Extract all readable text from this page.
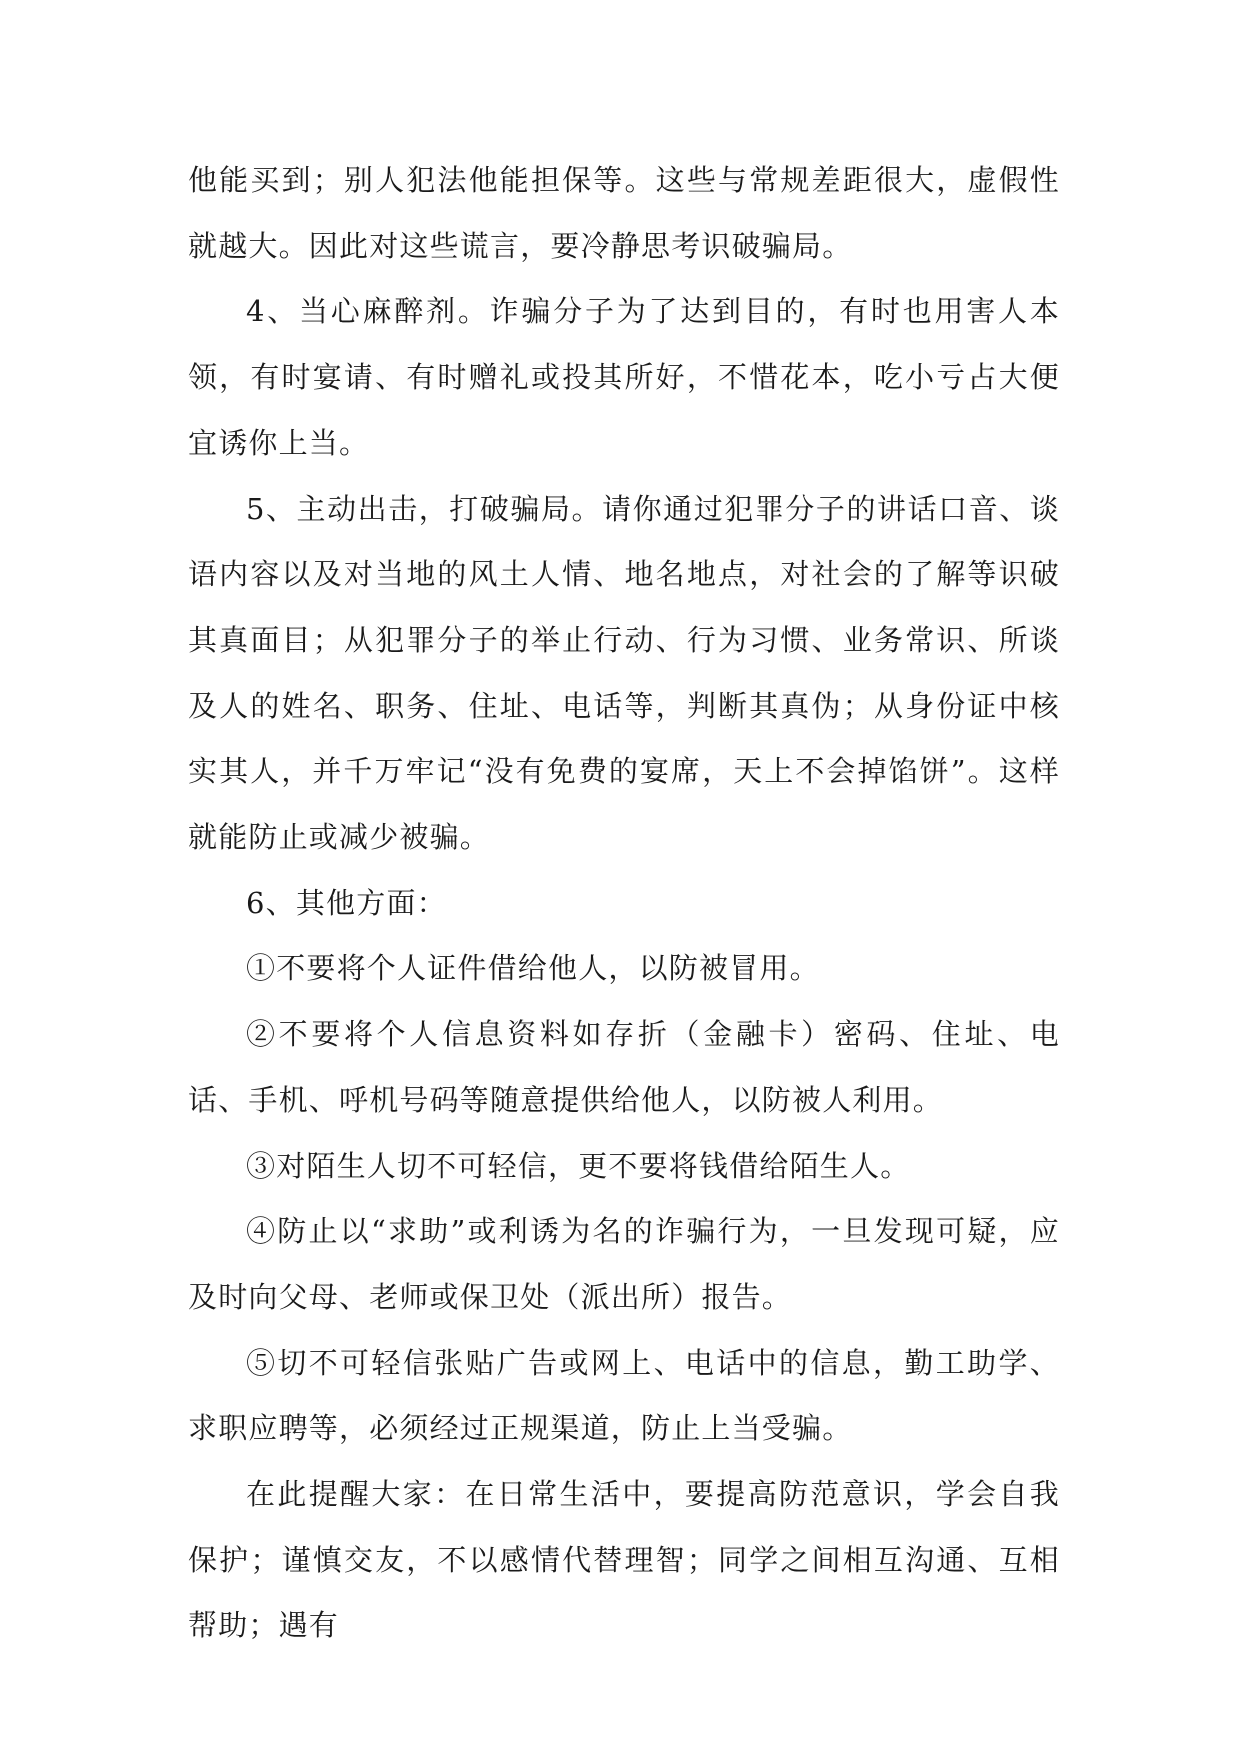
他能买到；别人犯法他能担保等。这些与常规差距很大，虚假性就越大。因此对这些谎言，要冷静思考识破骗局。

4、当心麻醉剂。诈骗分子为了达到目的，有时也用害人本领，有时宴请、有时赠礼或投其所好，不惜花本，吃小亏占大便宜诱你上当。

5、主动出击，打破骗局。请你通过犯罪分子的讲话口音、谈语内容以及对当地的风土人情、地名地点，对社会的了解等识破其真面目；从犯罪分子的举止行动、行为习惯、业务常识、所谈及人的姓名、职务、住址、电话等，判断其真伪；从身份证中核实其人，并千万牢记“没有免费的宴席，天上不会掉馅饼”。这样就能防止或减少被骗。

6、其他方面：

①不要将个人证件借给他人，以防被冒用。

②不要将个人信息资料如存折（金融卡）密码、住址、电话、手机、呼机号码等随意提供给他人，以防被人利用。

③对陌生人切不可轻信，更不要将钱借给陌生人。

④防止以“求助”或利诱为名的诈骗行为，一旦发现可疑，应及时向父母、老师或保卫处（派出所）报告。

⑤切不可轻信张贴广告或网上、电话中的信息，勤工助学、求职应聘等，必须经过正规渠道，防止上当受骗。

在此提醒大家：在日常生活中，要提高防范意识，学会自我保护；谨慎交友，不以感情代替理智；同学之间相互沟通、互相帮助；遇有
